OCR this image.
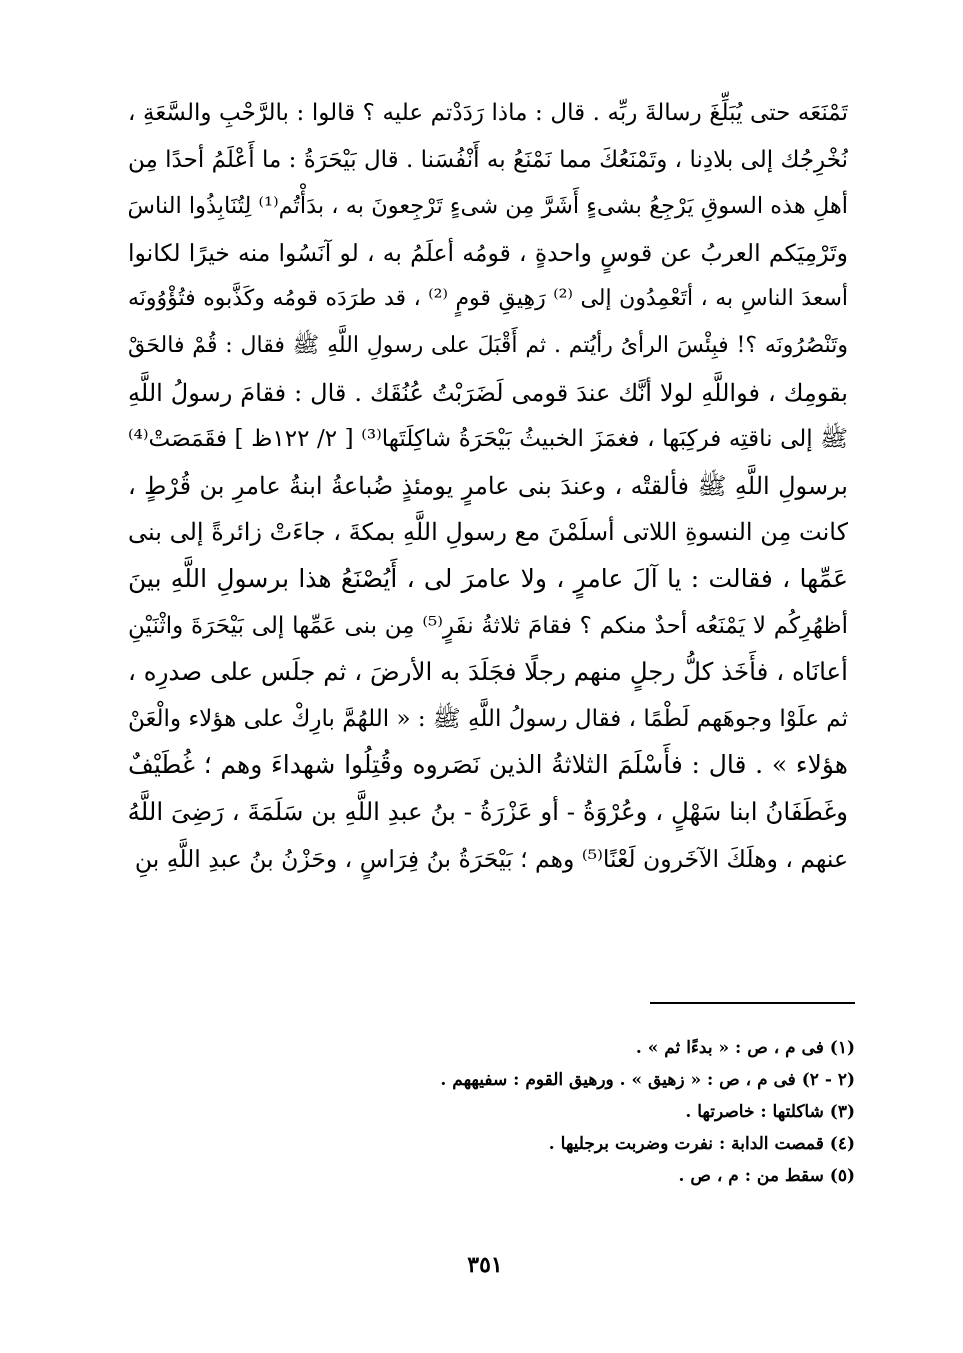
تَمْنَعَه حتى يُبَلِّغَ رسالةَ ربِّه . قال : ماذا رَدَدْتم عليه ؟ قالوا : بالرَّحْبِ والسَّعَةِ ،
نُخْرِجُك إلى بلادِنا ، وتَمْنَعُكَ مما نَمْنَعُ به أَنْفُسَنا . قال بَيْحَرَةُ : ما أَعْلَمُ أحدًا مِن
أهلِ هذه السوقِ يَرْجِعُ بشىءٍ أَشَرَّ مِن شىءٍ تَرْجِعونَ به ، بدَأْتُم⁽¹⁾ لِتُنَابِذُوا الناسَ
وتَرْمِيَكم العربُ عن قوسٍ واحدةٍ ، قومُه أعلَمُ به ، لو آنَسُوا منه خيرًا لكانوا
أسعدَ الناسِ به ، أتَعْمِدُون إلى ⁽²⁾ رَهِيقِ قومٍ ⁽²⁾ ، قد طرَدَه قومُه وكَذَّبوه فتُؤْوُونَه
وتَنْصُرُونَه ؟! فبِئْسَ الرأىُ رأيُتم . ثم أَقْبَلَ على رسولِ اللَّهِ ﷺ فقال : قُمْ فالحَقْ
بقومِك ، فواللَّهِ لولا أنَّك عندَ قومى لَضَرَبْتُ عُنُقَك . قال : فقامَ رسولُ اللَّهِ
ﷺ إلى ناقتِه فركِبَها ، فغمَزَ الخبيثُ بَيْحَرَةُ شاكِلَتَها⁽³⁾ [ ٢/ ١٢٢ظ ] فقَمَصَتْ⁽⁴⁾
برسولِ اللَّهِ ﷺ فألقتْه ، وعندَ بنى عامرٍ يومئذٍ ضُباعةُ ابنةُ عامرِ بن قُرْطٍ ،
كانت مِن النسوةِ اللاتى أسلَمْنَ مع رسولِ اللَّهِ بمكةَ ، جاءَتْ زائرةً إلى بنى
عَمِّها ، فقالت : يا آلَ عامرٍ ، ولا عامرَ لى ، أَيُصْنَعُ هذا برسولِ اللَّهِ بينَ
أظهُرِكُم لا يَمْنَعُه أحدٌ منكم ؟ فقامَ ثلاثةُ نفَرٍ⁽⁵⁾ مِن بنى عَمِّها إلى بَيْحَرَةَ واثْنَيْنِ
أعانَاه ، فأَخَذ كلُّ رجلٍ منهم رجلًا فجَلَدَ به الأرضَ ، ثم جلَس على صدرِه ،
ثم علَوْا وجوهَهم لَطْمًا ، فقال رسولُ اللَّهِ ﷺ : « اللهُمَّ بارِكْ على هؤلاء والْعَنْ
هؤلاء » . قال : فأَسْلَمَ الثلاثةُ الذين نَصَروه وقُتِلُوا شهداءَ وهم ؛ غُطَيْفٌ
وغَطَفَانُ ابنا سَهْلٍ ، وعُرْوَةُ - أو عَزْرَةُ - بنُ عبدِ اللَّهِ بن سَلَمَةَ ، رَضِىَ اللَّهُ
عنهم ، وهلَكَ الآخَرون لَعْنًا⁽⁵⁾ وهم ؛ بَيْحَرَةُ بنُ فِرَاسٍ ، وحَزْنُ بنُ عبدِ اللَّهِ بنِ
(١) فى م ، ص : « بدءًا ثم » .
(٢ - ٢) فى م ، ص : « زهيق » . ورهيق القوم : سفيههم .
(٣) شاكلتها : خاصرتها .
(٤) قمصت الدابة : نفرت وضربت برجليها .
(٥) سقط من : م ، ص .
٣٥١
